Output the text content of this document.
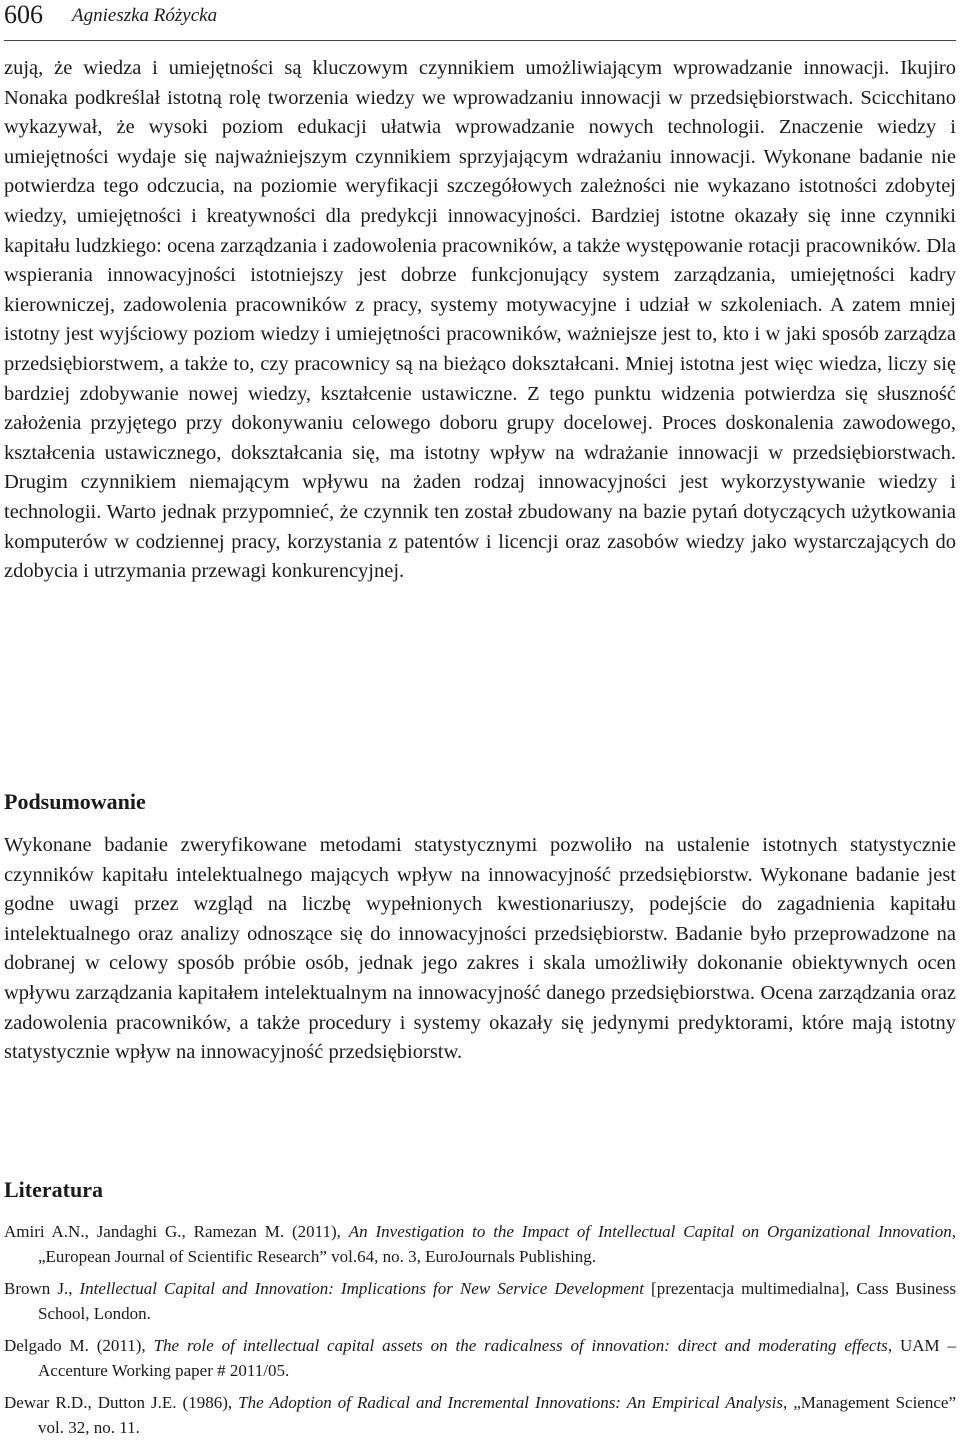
606 Agnieszka Różycka

zują, że wiedza i umiejętności są kluczowym czynnikiem umożliwiającym wprowadzanie innowacji. Ikujiro Nonaka podkreślał istotną rolę tworzenia wiedzy we wprowadzaniu innowacji w przedsiębiorstwach. Scicchitano wykazywał, że wysoki poziom edukacji ułatwia wprowadzanie nowych technologii. Znaczenie wiedzy i umiejętności wydaje się najważniejszym czynnikiem sprzyjającym wdrażaniu innowacji. Wykonane badanie nie potwierdza tego odczucia, na poziomie weryfikacji szczegółowych zależności nie wykazano istotności zdobytej wiedzy, umiejętności i kreatywności dla predykcji innowacyjności. Bardziej istotne okazały się inne czynniki kapitału ludzkiego: ocena zarządzania i zadowolenia pracowników, a także występowanie rotacji pracowników. Dla wspierania innowacyjności istotniejszy jest dobrze funkcjonujący system zarządzania, umiejętności kadry kierowniczej, zadowolenia pracowników z pracy, systemy motywacyjne i udział w szkoleniach. A zatem mniej istotny jest wyjściowy poziom wiedzy i umiejętności pracowników, ważniejsze jest to, kto i w jaki sposób zarządza przedsiębiorstwem, a także to, czy pracownicy są na bieżąco dokształcani. Mniej istotna jest więc wiedza, liczy się bardziej zdobywanie nowej wiedzy, kształcenie ustawiczne. Z tego punktu widzenia potwierdza się słuszność założenia przyjętego przy dokonywaniu celowego doboru grupy docelowej. Proces doskonalenia zawodowego, kształcenia ustawicznego, dokształcania się, ma istotny wpływ na wdrażanie innowacji w przedsiębiorstwach. Drugim czynnikiem niemającym wpływu na żaden rodzaj innowacyjności jest wykorzystywanie wiedzy i technologii. Warto jednak przypomnieć, że czynnik ten został zbudowany na bazie pytań dotyczących użytkowania komputerów w codziennej pracy, korzystania z patentów i licencji oraz zasobów wiedzy jako wystarczających do zdobycia i utrzymania przewagi konkurencyjnej.

Podsumowanie

Wykonane badanie zweryfikowane metodami statystycznymi pozwoliło na ustalenie istotnych statystycznie czynników kapitału intelektualnego mających wpływ na innowacyjność przedsiębiorstw. Wykonane badanie jest godne uwagi przez wzgląd na liczbę wypełnionych kwestionariuszy, podejście do zagadnienia kapitału intelektualnego oraz analizy odnoszące się do innowacyjności przedsiębiorstw. Badanie było przeprowadzone na dobranej w celowy sposób próbie osób, jednak jego zakres i skala umożliwiły dokonanie obiektywnych ocen wpływu zarządzania kapitałem intelektualnym na innowacyjność danego przedsiębiorstwa. Ocena zarządzania oraz zadowolenia pracowników, a także procedury i systemy okazały się jedynymi predyktorami, które mają istotny statystycznie wpływ na innowacyjność przedsiębiorstw.

Literatura
Amiri A.N., Jandaghi G., Ramezan M. (2011), An Investigation to the Impact of Intellectual Capital on Organizational Innovation, „European Journal of Scientific Research” vol.64, no. 3, EuroJournals Publishing.
Brown J., Intellectual Capital and Innovation: Implications for New Service Development [prezentacja multimedialna], Cass Business School, London.
Delgado M. (2011), The role of intellectual capital assets on the radicalness of innovation: direct and moderating effects, UAM – Accenture Working paper # 2011/05.
Dewar R.D., Dutton J.E. (1986), The Adoption of Radical and Incremental Innovations: An Empirical Analysis, „Management Science” vol. 32, no. 11.
